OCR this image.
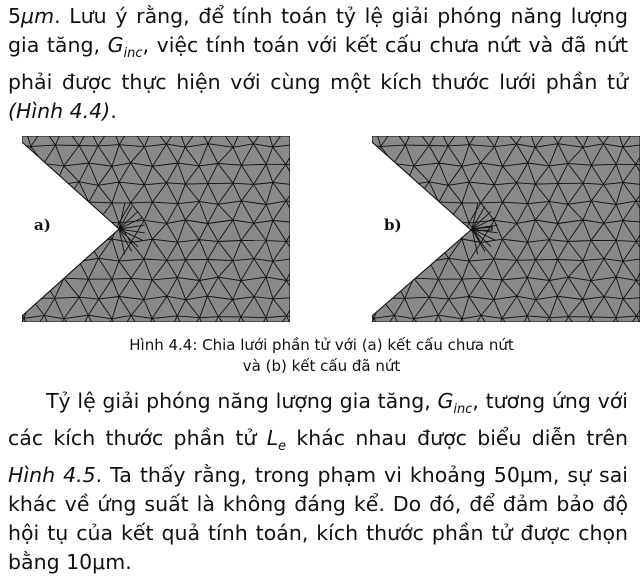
5μm. Lưu ý rằng, để tính toán tỷ lệ giải phóng năng lượng gia tăng, $G_{inc}$, việc tính toán với kết cấu chưa nứt và đã nứt phải được thực hiện với cùng một kích thước lưới phần tử (Hình 4.4).

a)	b)
Hình 4.4: Chia lưới phần tử với (a) kết cấu chưa nứt
và (b) kết cấu đã nứt

Tỷ lệ giải phóng năng lượng gia tăng, $G_{inc}$, tương ứng với các kích thước phần tử $L_e$ khác nhau được biểu diễn trên Hình 4.5. Ta thấy rằng, trong phạm vi khoảng 50μm, sự sai khác về ứng suất là không đáng kể. Do đó, để đảm bảo độ hội tụ của kết quả tính toán, kích thước phần tử được chọn bằng 10μm.
